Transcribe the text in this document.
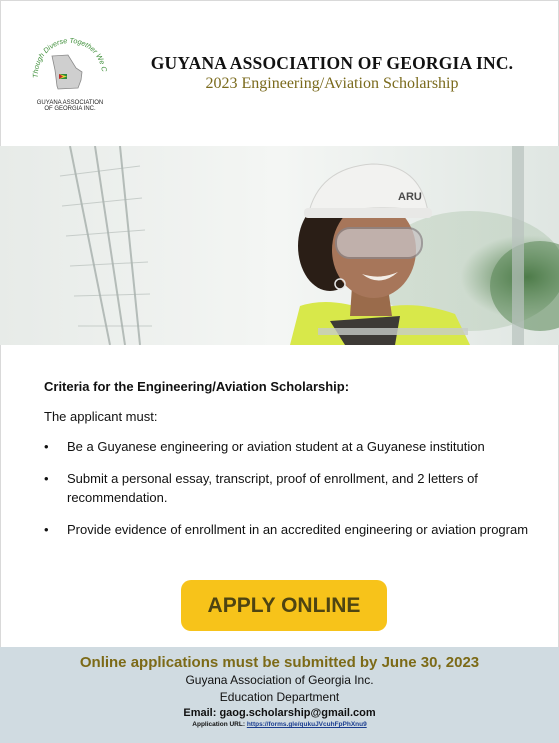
Though Diverse Together We C
GUYANA ASSOCIATION
OF GEORGIA INC.
GUYANA ASSOCIATION OF GEORGIA INC.
2023 Engineering/Aviation Scholarship
ARU
Criteria for the Engineering/Aviation Scholarship:
The applicant must:
• Be a Guyanese engineering or aviation student at a Guyanese institution
• Submit a personal essay, transcript, proof of enrollment, and 2 letters of recommendation.
• Provide evidence of enrollment in an accredited engineering or aviation program
APPLY ONLINE
Online applications must be submitted by June 30, 2023
Guyana Association of Georgia Inc.
Education Department
Email: gaog.scholarship@gmail.com
Application URL: https://forms.gle/qukuJVcuhFpPhXnu9
